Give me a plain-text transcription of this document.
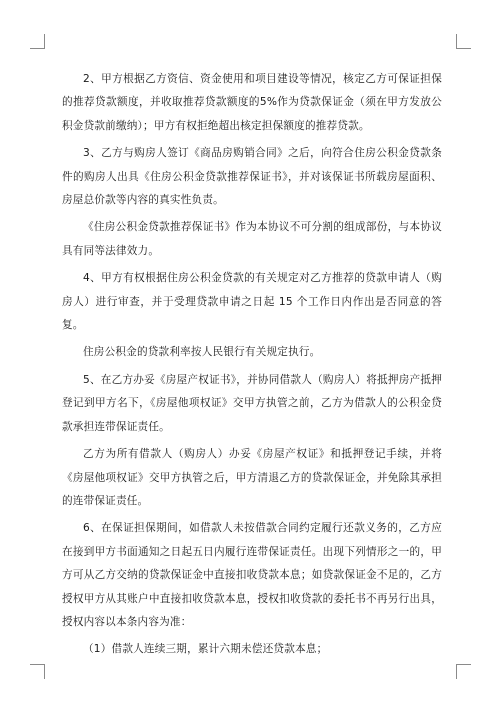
2、甲方根据乙方资信、资金使用和项目建设等情况，核定乙方可保证担保的推荐贷款额度，并收取推荐贷款额度的5%作为贷款保证金（须在甲方发放公积金贷款前缴纳）；甲方有权拒绝超出核定担保额度的推荐贷款。

3、乙方与购房人签订《商品房购销合同》之后，向符合住房公积金贷款条件的购房人出具《住房公积金贷款推荐保证书》，并对该保证书所载房屋面积、房屋总价款等内容的真实性负责。

《住房公积金贷款推荐保证书》作为本协议不可分割的组成部份，与本协议具有同等法律效力。

4、甲方有权根据住房公积金贷款的有关规定对乙方推荐的贷款申请人（购房人）进行审查，并于受理贷款申请之日起 15 个工作日内作出是否同意的答复。

住房公积金的贷款利率按人民银行有关规定执行。

5、在乙方办妥《房屋产权证书》，并协同借款人（购房人）将抵押房产抵押登记到甲方名下，《房屋他项权证》交甲方执管之前，乙方为借款人的公积金贷款承担连带保证责任。

乙方为所有借款人（购房人）办妥《房屋产权证》和抵押登记手续，并将《房屋他项权证》交甲方执管之后，甲方清退乙方的贷款保证金，并免除其承担的连带保证责任。

6、在保证担保期间，如借款人未按借款合同约定履行还款义务的，乙方应在接到甲方书面通知之日起五日内履行连带保证责任。出现下列情形之一的，甲方可从乙方交纳的贷款保证金中直接扣收贷款本息；如贷款保证金不足的，乙方授权甲方从其账户中直接扣收贷款本息，授权扣收贷款的委托书不再另行出具，授权内容以本条内容为准：

（1）借款人连续三期，累计六期未偿还贷款本息；
